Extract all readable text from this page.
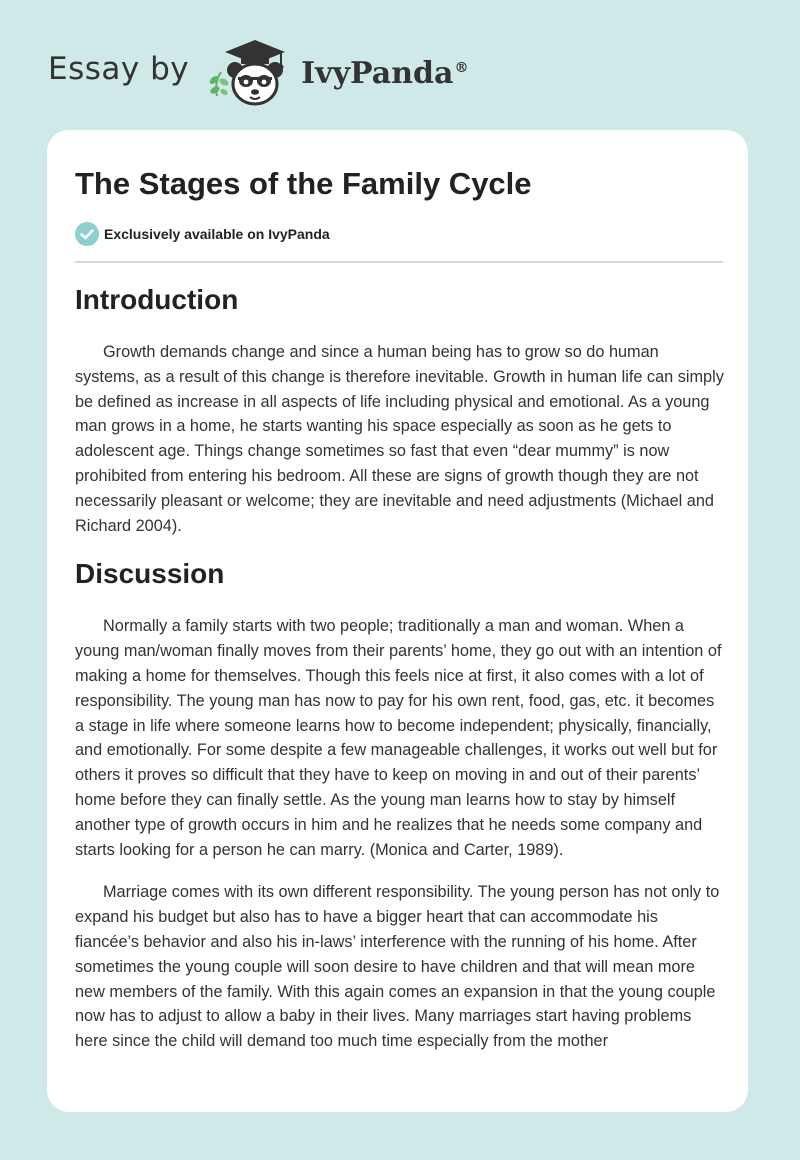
Essay by	IvyPanda®
The Stages of the Family Cycle
Exclusively available on IvyPanda
Introduction

Growth demands change and since a human being has to grow so do human systems, as a result of this change is therefore inevitable. Growth in human life can simply be defined as increase in all aspects of life including physical and emotional. As a young man grows in a home, he starts wanting his space especially as soon as he gets to adolescent age. Things change sometimes so fast that even “dear mummy” is now prohibited from entering his bedroom. All these are signs of growth though they are not necessarily pleasant or welcome; they are inevitable and need adjustments (Michael and Richard 2004).

Discussion

Normally a family starts with two people; traditionally a man and woman. When a young man/woman finally moves from their parents’ home, they go out with an intention of making a home for themselves. Though this feels nice at first, it also comes with a lot of responsibility. The young man has now to pay for his own rent, food, gas, etc. it becomes a stage in life where someone learns how to become independent; physically, financially, and emotionally. For some despite a few manageable challenges, it works out well but for others it proves so difficult that they have to keep on moving in and out of their parents’ home before they can finally settle. As the young man learns how to stay by himself another type of growth occurs in him and he realizes that he needs some company and starts looking for a person he can marry. (Monica and Carter, 1989).

Marriage comes with its own different responsibility. The young person has not only to expand his budget but also has to have a bigger heart that can accommodate his fiancée’s behavior and also his in-laws’ interference with the running of his home. After sometimes the young couple will soon desire to have children and that will mean more new members of the family. With this again comes an expansion in that the young couple now has to adjust to allow a baby in their lives. Many marriages start having problems here since the child will demand too much time especially from the mother
